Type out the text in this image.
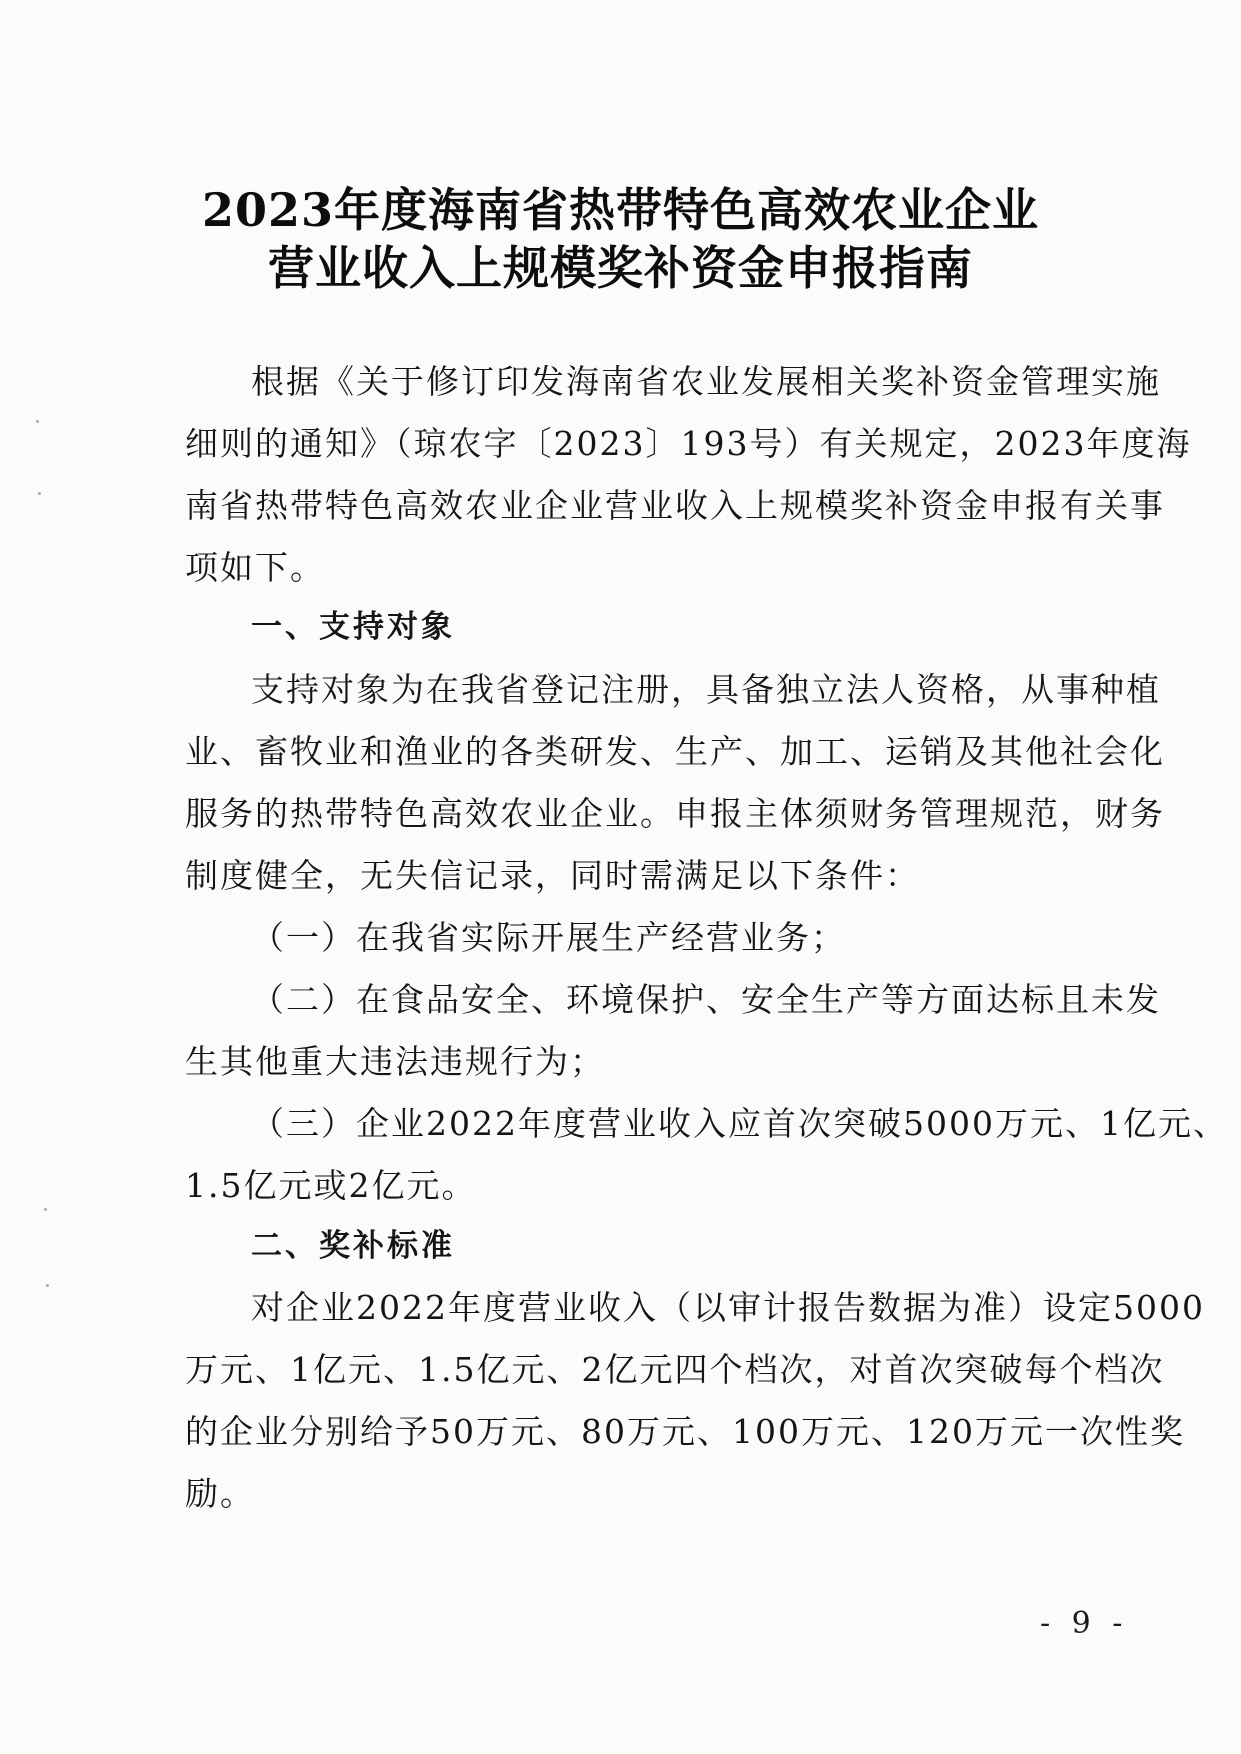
2023年度海南省热带特色高效农业企业
营业收入上规模奖补资金申报指南
根据《关于修订印发海南省农业发展相关奖补资金管理实施
细则的通知》（琼农字〔2023〕193号）有关规定，2023年度海
南省热带特色高效农业企业营业收入上规模奖补资金申报有关事
项如下。
一、支持对象
支持对象为在我省登记注册，具备独立法人资格，从事种植
业、畜牧业和渔业的各类研发、生产、加工、运销及其他社会化
服务的热带特色高效农业企业。申报主体须财务管理规范，财务
制度健全，无失信记录，同时需满足以下条件：
（一）在我省实际开展生产经营业务；
（二）在食品安全、环境保护、安全生产等方面达标且未发
生其他重大违法违规行为；
（三）企业2022年度营业收入应首次突破5000万元、1亿元、
1.5亿元或2亿元。
二、奖补标准
对企业2022年度营业收入（以审计报告数据为准）设定5000
万元、1亿元、1.5亿元、2亿元四个档次，对首次突破每个档次
的企业分别给予50万元、80万元、100万元、120万元一次性奖
励。
- 9 -
